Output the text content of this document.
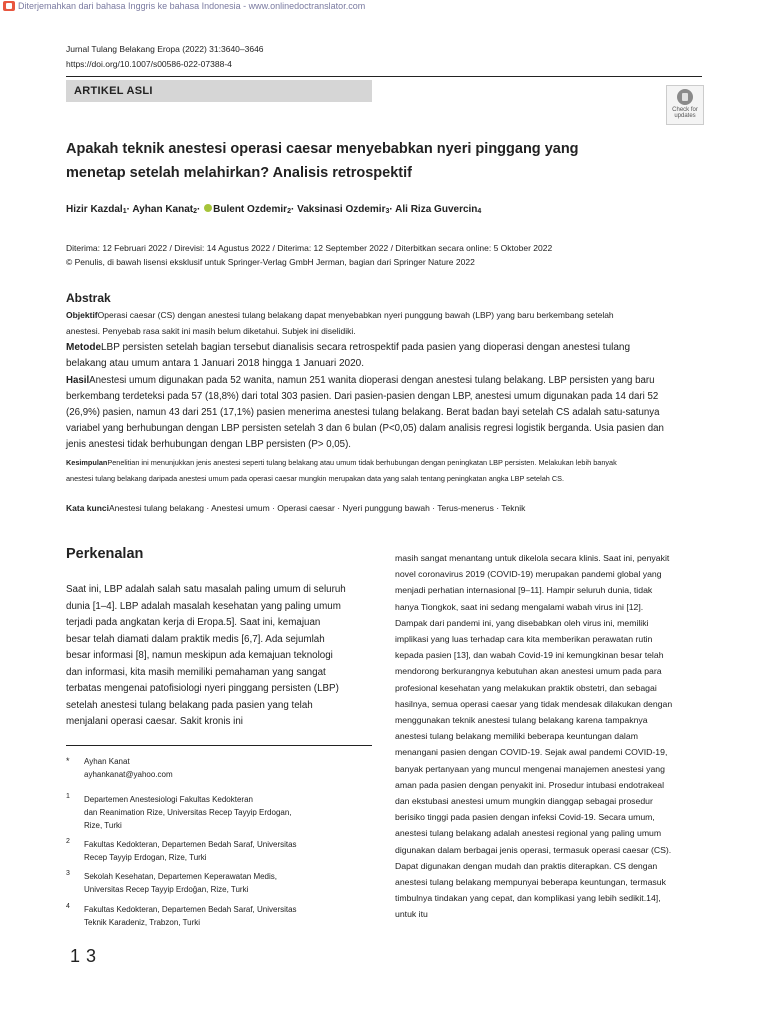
Diterjemahkan dari bahasa Inggris ke bahasa Indonesia - www.onlinedoctranslator.com
Jurnal Tulang Belakang Eropa (2022) 31:3640–3646
https://doi.org/10.1007/s00586-022-07388-4
ARTIKEL ASLI
Check for
updates
Apakah teknik anestesi operasi caesar menyebabkan nyeri pinggang yang
menetap setelah melahirkan? Analisis retrospektif
Hizir Kazdal$_1$· Ayhan Kanat$_2$· Bulent Ozdemir$_2$· Vaksinasi Ozdemir$_3$· Ali Riza Guvercin$_4$
Diterima: 12 Februari 2022 / Direvisi: 14 Agustus 2022 / Diterima: 12 September 2022 / Diterbitkan secara online: 5 Oktober 2022
© Penulis, di bawah lisensi eksklusif untuk Springer-Verlag GmbH Jerman, bagian dari Springer Nature 2022
Abstrak
ObjektifOperasi caesar (CS) dengan anestesi tulang belakang dapat menyebabkan nyeri punggung bawah (LBP) yang baru berkembang setelah
anestesi. Penyebab rasa sakit ini masih belum diketahui. Subjek ini diselidiki.
MetodeLBP persisten setelah bagian tersebut dianalisis secara retrospektif pada pasien yang dioperasi dengan anestesi tulang
belakang atau umum antara 1 Januari 2018 hingga 1 Januari 2020.
HasilAnestesi umum digunakan pada 52 wanita, namun 251 wanita dioperasi dengan anestesi tulang belakang. LBP persisten yang baru
berkembang terdeteksi pada 57 (18,8%) dari total 303 pasien. Dari pasien-pasien dengan LBP, anestesi umum digunakan pada 14 dari 52
(26,9%) pasien, namun 43 dari 251 (17,1%) pasien menerima anestesi tulang belakang. Berat badan bayi setelah CS adalah satu-satunya
variabel yang berhubungan dengan LBP persisten setelah 3 dan 6 bulan (P<0,05) dalam analisis regresi logistik berganda. Usia pasien dan
jenis anestesi tidak berhubungan dengan LBP persisten (P> 0,05).
KesimpulanPenelitian ini menunjukkan jenis anestesi seperti tulang belakang atau umum tidak berhubungan dengan peningkatan LBP persisten. Melakukan lebih banyak
anestesi tulang belakang daripada anestesi umum pada operasi caesar mungkin merupakan data yang salah tentang peningkatan angka LBP setelah CS.
Kata kunciAnestesi tulang belakang · Anestesi umum · Operasi caesar · Nyeri punggung bawah · Terus-menerus · Teknik
Perkenalan
Saat ini, LBP adalah salah satu masalah paling umum di seluruh
dunia [1–4]. LBP adalah masalah kesehatan yang paling umum
terjadi pada angkatan kerja di Eropa.5]. Saat ini, kemajuan
besar telah diamati dalam praktik medis [6,7]. Ada sejumlah
besar informasi [8], namun meskipun ada kemajuan teknologi
dan informasi, kita masih memiliki pemahaman yang sangat
terbatas mengenai patofisiologi nyeri pinggang persisten (LBP)
setelah anestesi tulang belakang pada pasien yang telah
menjalani operasi caesar. Sakit kronis ini
* Ayhan Kanat
ayhankanat@yahoo.com
1 Departemen Anestesiologi Fakultas Kedokteran
dan Reanimation Rize, Universitas Recep Tayyip Erdogan,
Rize, Turki
2 Fakultas Kedokteran, Departemen Bedah Saraf, Universitas
Recep Tayyip Erdogan, Rize, Turki
3 Sekolah Kesehatan, Departemen Keperawatan Medis,
Universitas Recep Tayyip Erdoğan, Rize, Turki
4 Fakultas Kedokteran, Departemen Bedah Saraf, Universitas
Teknik Karadeniz, Trabzon, Turki
masih sangat menantang untuk dikelola secara klinis. Saat ini, penyakit
novel coronavirus 2019 (COVID-19) merupakan pandemi global yang
menjadi perhatian internasional [9–11]. Hampir seluruh dunia, tidak
hanya Tiongkok, saat ini sedang mengalami wabah virus ini [12].
Dampak dari pandemi ini, yang disebabkan oleh virus ini, memiliki
implikasi yang luas terhadap cara kita memberikan perawatan rutin
kepada pasien [13], dan wabah Covid-19 ini kemungkinan besar telah
mendorong berkurangnya kebutuhan akan anestesi umum pada para
profesional kesehatan yang melakukan praktik obstetri, dan sebagai
hasilnya, semua operasi caesar yang tidak mendesak dilakukan dengan
menggunakan teknik anestesi tulang belakang karena tampaknya
anestesi tulang belakang memiliki beberapa keuntungan dalam
menangani pasien dengan COVID-19. Sejak awal pandemi COVID-19,
banyak pertanyaan yang muncul mengenai manajemen anestesi yang
aman pada pasien dengan penyakit ini. Prosedur intubasi endotrakeal
dan ekstubasi anestesi umum mungkin dianggap sebagai prosedur
berisiko tinggi pada pasien dengan infeksi Covid-19. Secara umum,
anestesi tulang belakang adalah anestesi regional yang paling umum
digunakan dalam berbagai jenis operasi, termasuk operasi caesar (CS).
Dapat digunakan dengan mudah dan praktis diterapkan. CS dengan
anestesi tulang belakang mempunyai beberapa keuntungan, termasuk
timbulnya tindakan yang cepat, dan komplikasi yang lebih sedikit.14],
untuk itu
13
